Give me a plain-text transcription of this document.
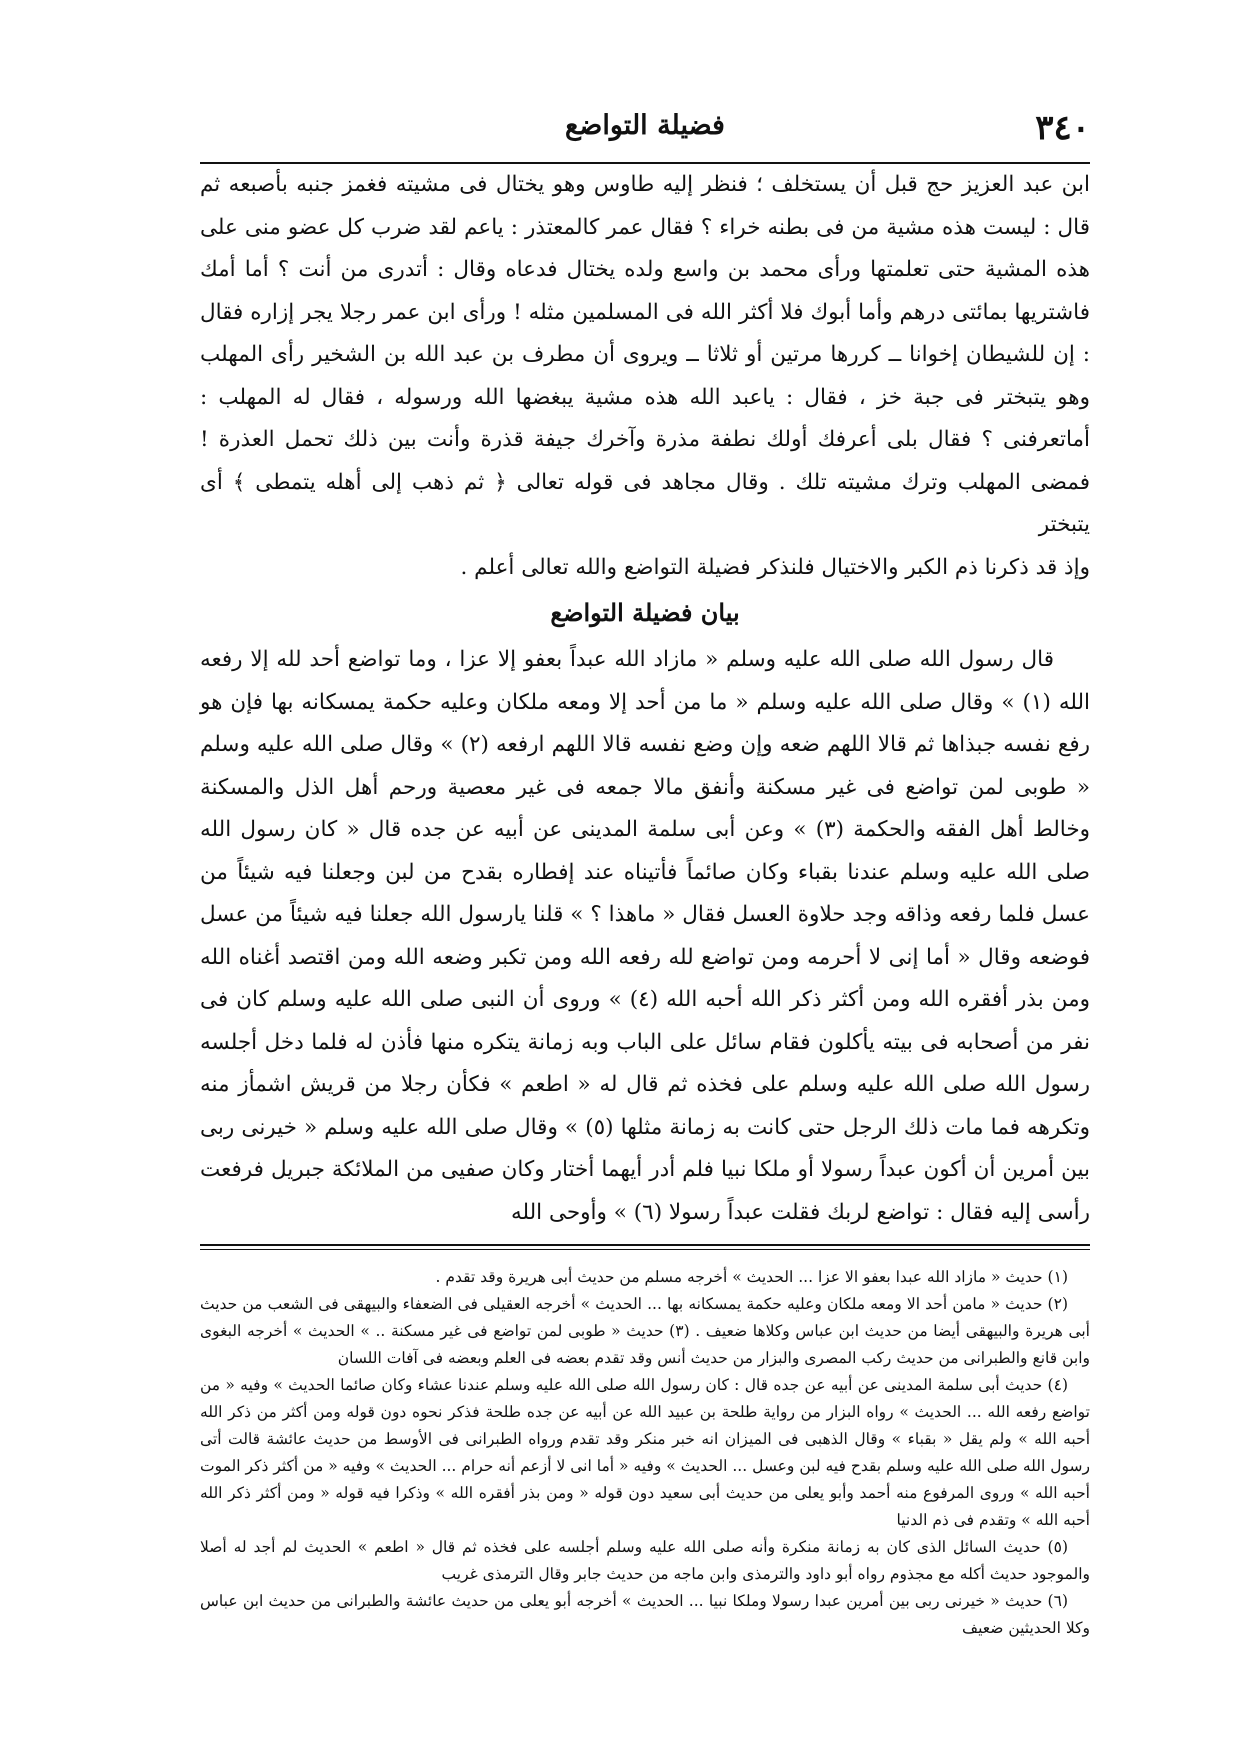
٣٤٠
فضيلة التواضع

ابن عبد العزيز حج قبل أن يستخلف ؛ فنظر إليه طاوس وهو يختال فى مشيته فغمز جنبه بأصبعه ثم قال : ليست هذه مشية من فى بطنه خراء ؟ فقال عمر كالمعتذر : ياعم لقد ضرب كل عضو منى على هذه المشية حتى تعلمتها ورأى محمد بن واسع ولده يختال فدعاه وقال : أتدرى من أنت ؟ أما أمك فاشتريها بمائتى درهم وأما أبوك فلا أكثر الله فى المسلمين مثله ! ورأى ابن عمر رجلا يجر إزاره فقال : إن للشيطان إخوانا ــ كررها مرتين أو ثلاثا ــ ويروى أن مطرف بن عبد الله بن الشخير رأى المهلب وهو يتبختر فى جبة خز ، فقال : ياعبد الله هذه مشية يبغضها الله ورسوله ، فقال له المهلب : أماتعرفنى ؟ فقال بلى أعرفك أولك نطفة مذرة وآخرك جيفة قذرة وأنت بين ذلك تحمل العذرة ! فمضى المهلب وترك مشيته تلك . وقال مجاهد فى قوله تعالى ﴿ ثم ذهب إلى أهله يتمطى ﴾ أى يتبختر

وإذ قد ذكرنا ذم الكبر والاختيال فلنذكر فضيلة التواضع والله تعالى أعلم .

بيان فضيلة التواضع

قال رسول الله صلى الله عليه وسلم « مازاد الله عبداً بعفو إلا عزا ، وما تواضع أحد لله إلا رفعه الله (١) » وقال صلى الله عليه وسلم « ما من أحد إلا ومعه ملكان وعليه حكمة يمسكانه بها فإن هو رفع نفسه جبذاها ثم قالا اللهم ضعه وإن وضع نفسه قالا اللهم ارفعه (٢) » وقال صلى الله عليه وسلم « طوبى لمن تواضع فى غير مسكنة وأنفق مالا جمعه فى غير معصية ورحم أهل الذل والمسكنة وخالط أهل الفقه والحكمة (٣) » وعن أبى سلمة المدينى عن أبيه عن جده قال « كان رسول الله صلى الله عليه وسلم عندنا بقباء وكان صائماً فأتيناه عند إفطاره بقدح من لبن وجعلنا فيه شيئاً من عسل فلما رفعه وذاقه وجد حلاوة العسل فقال « ماهذا ؟ » قلنا يارسول الله جعلنا فيه شيئاً من عسل فوضعه وقال « أما إنى لا أحرمه ومن تواضع لله رفعه الله ومن تكبر وضعه الله ومن اقتصد أغناه الله ومن بذر أفقره الله ومن أكثر ذكر الله أحبه الله (٤) » وروى أن النبى صلى الله عليه وسلم كان فى نفر من أصحابه فى بيته يأكلون فقام سائل على الباب وبه زمانة يتكره منها فأذن له فلما دخل أجلسه رسول الله صلى الله عليه وسلم على فخذه ثم قال له « اطعم » فكأن رجلا من قريش اشمأز منه وتكرهه فما مات ذلك الرجل حتى كانت به زمانة مثلها (٥) » وقال صلى الله عليه وسلم « خيرنى ربى بين أمرين أن أكون عبداً رسولا أو ملكا نبيا فلم أدر أيهما أختار وكان صفيى من الملائكة جبريل فرفعت رأسى إليه فقال : تواضع لربك فقلت عبداً رسولا (٦) » وأوحى الله

(١) حديث « مازاد الله عبدا بعفو الا عزا ... الحديث » أخرجه مسلم من حديث أبى هريرة وقد تقدم .

(٢) حديث « مامن أحد الا ومعه ملكان وعليه حكمة يمسكانه بها ... الحديث » أخرجه العقيلى فى الضعفاء والبيهقى فى الشعب من حديث أبى هريرة والبيهقى أيضا من حديث ابن عباس وكلاها ضعيف . (٣) حديث « طوبى لمن تواضع فى غير مسكنة .. » الحديث » أخرجه البغوى وابن قانع والطبرانى من حديث ركب المصرى والبزار من حديث أنس وقد تقدم بعضه فى العلم وبعضه فى آفات اللسان

(٤) حديث أبى سلمة المدينى عن أبيه عن جده قال : كان رسول الله صلى الله عليه وسلم عندنا عشاء وكان صائما الحديث » وفيه « من تواضع رفعه الله ... الحديث » رواه البزار من رواية طلحة بن عبيد الله عن أبيه عن جده طلحة فذكر نحوه دون قوله ومن أكثر من ذكر الله أحبه الله » ولم يقل « بقباء » وقال الذهبى فى الميزان انه خبر منكر وقد تقدم ورواه الطبرانى فى الأوسط من حديث عائشة قالت أتى رسول الله صلى الله عليه وسلم بقدح فيه لبن وعسل ... الحديث » وفيه « أما انى لا أزعم أنه حرام ... الحديث » وفيه « من أكثر ذكر الموت أحبه الله » وروى المرفوع منه أحمد وأبو يعلى من حديث أبى سعيد دون قوله « ومن بذر أفقره الله » وذكرا فيه قوله « ومن أكثر ذكر الله أحبه الله » وتقدم فى ذم الدنيا

(٥) حديث السائل الذى كان به زمانة منكرة وأنه صلى الله عليه وسلم أجلسه على فخذه ثم قال « اطعم » الحديث لم أجد له أصلا والموجود حديث أكله مع مجذوم رواه أبو داود والترمذى وابن ماجه من حديث جابر وقال الترمذى غريب

(٦) حديث « خيرنى ربى بين أمرين عبدا رسولا وملكا نبيا ... الحديث » أخرجه أبو يعلى من حديث عائشة والطبرانى من حديث ابن عباس وكلا الحديثين ضعيف
